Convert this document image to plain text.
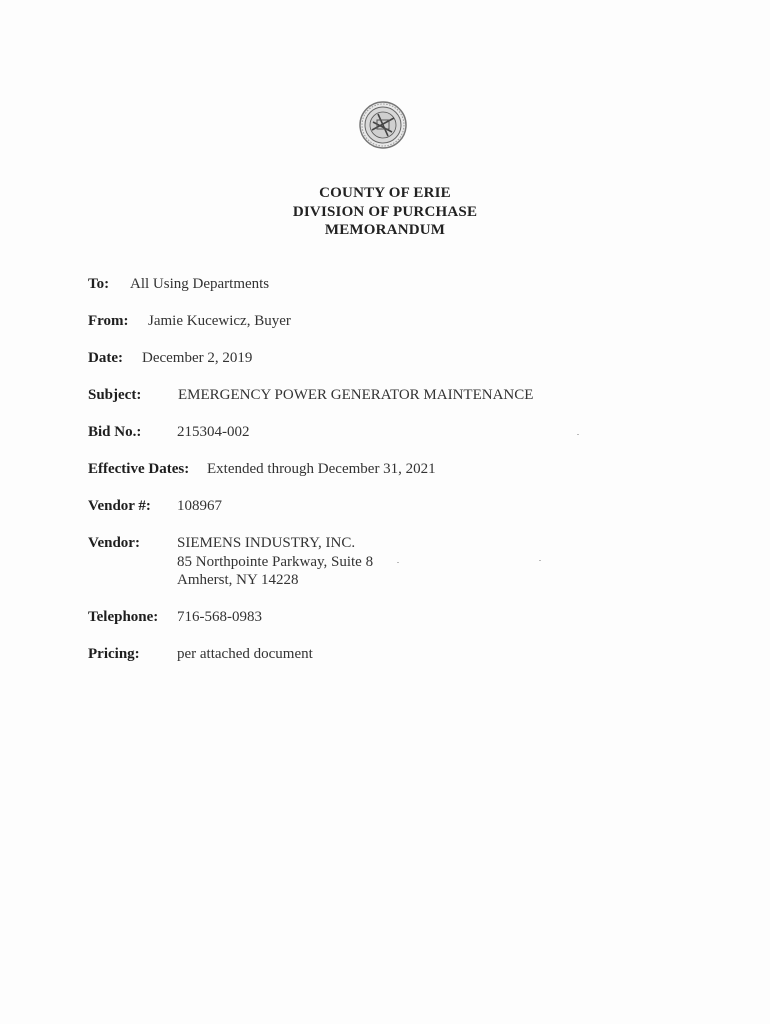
COUNTY OF ERIE
DIVISION OF PURCHASE
MEMORANDUM
To: All Using Departments
From: Jamie Kucewicz, Buyer
Date: December 2, 2019
Subject: EMERGENCY POWER GENERATOR MAINTENANCE
Bid No.: 215304-002
Effective Dates: Extended through December 31, 2021
Vendor #: 108967
Vendor: SIEMENS INDUSTRY, INC.
85 Northpointe Parkway, Suite 8
Amherst, NY 14228
Telephone: 716-568-0983
Pricing: per attached document
